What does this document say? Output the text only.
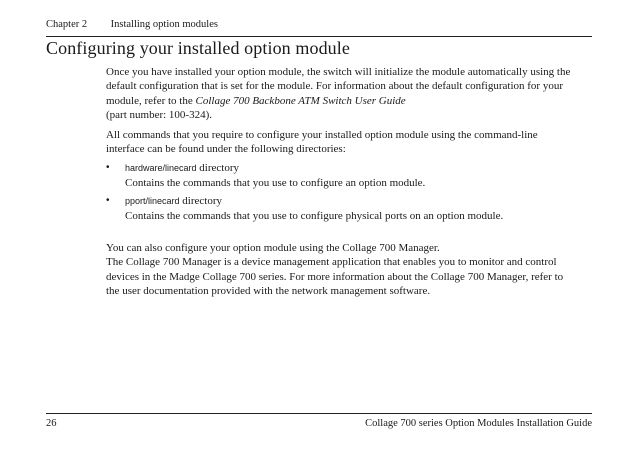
Chapter 2 Installing option modules
Configuring your installed option module

Once you have installed your option module, the switch will initialize the module automatically using the default configuration that is set for the module. For information about the default configuration for your module, refer to the Collage 700 Backbone ATM Switch User Guide
(part number: 100-324).

All commands that you require to configure your installed option module using the command-line interface can be found under the following directories:

• hardware/linecard directory
Contains the commands that you use to configure an option module.
• pport/linecard directory
Contains the commands that you use to configure physical ports on an option module.
You can also configure your option module using the Collage 700 Manager.
The Collage 700 Manager is a device management application that enables you to monitor and control devices in the Madge Collage 700 series. For more information about the Collage 700 Manager, refer to the user documentation provided with the network management software.
26	Collage 700 series Option Modules Installation Guide
